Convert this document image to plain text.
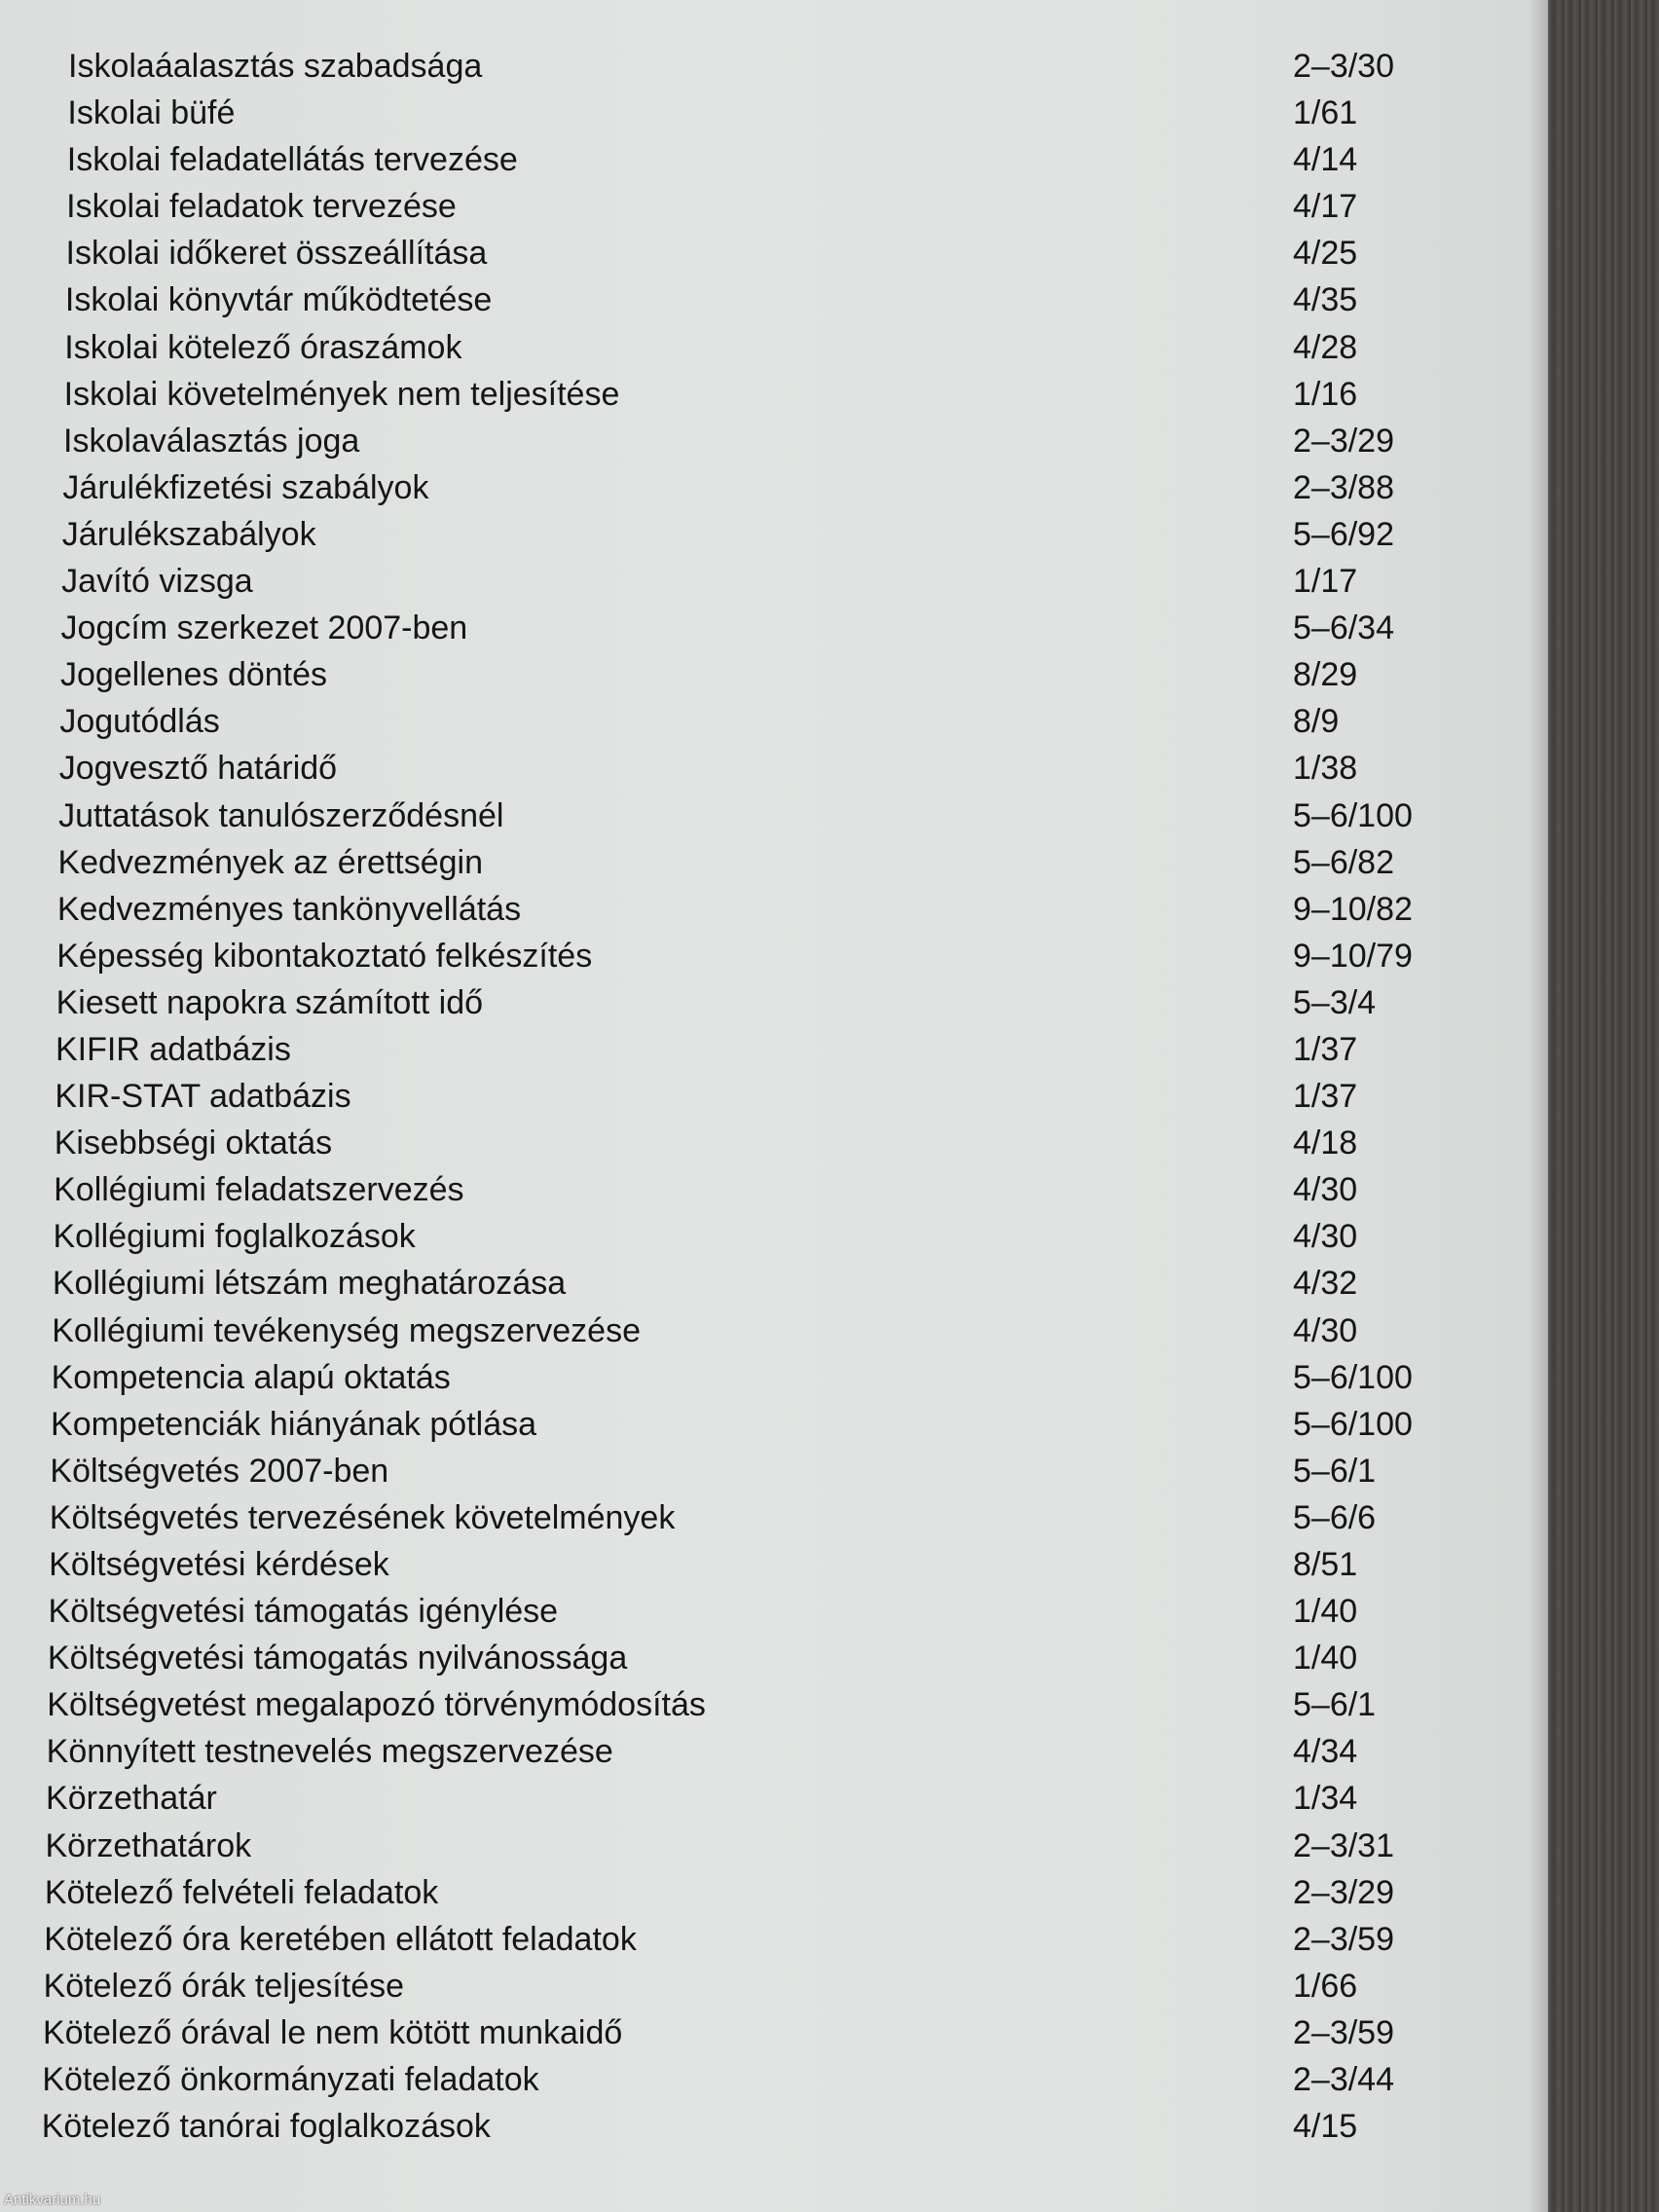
Iskolaáalasztás szabadsága	2–3/30
Iskolai büfé	1/61
Iskolai feladatellátás tervezése	4/14
Iskolai feladatok tervezése	4/17
Iskolai időkeret összeállítása	4/25
Iskolai könyvtár működtetése	4/35
Iskolai kötelező óraszámok	4/28
Iskolai követelmények nem teljesítése	1/16
Iskolaválasztás joga	2–3/29
Járulékfizetési szabályok	2–3/88
Járulékszabályok	5–6/92
Javító vizsga	1/17
Jogcím szerkezet 2007-ben	5–6/34
Jogellenes döntés	8/29
Jogutódlás	8/9
Jogvesztő határidő	1/38
Juttatások tanulószerződésnél	5–6/100
Kedvezmények az érettségin	5–6/82
Kedvezményes tankönyvellátás	9–10/82
Képesség kibontakoztató felkészítés	9–10/79
Kiesett napokra számított idő	5–3/4
KIFIR adatbázis	1/37
KIR-STAT adatbázis	1/37
Kisebbségi oktatás	4/18
Kollégiumi feladatszervezés	4/30
Kollégiumi foglalkozások	4/30
Kollégiumi létszám meghatározása	4/32
Kollégiumi tevékenység megszervezése	4/30
Kompetencia alapú oktatás	5–6/100
Kompetenciák hiányának pótlása	5–6/100
Költségvetés 2007-ben	5–6/1
Költségvetés tervezésének követelmények	5–6/6
Költségvetési kérdések	8/51
Költségvetési támogatás igénylése	1/40
Költségvetési támogatás nyilvánossága	1/40
Költségvetést megalapozó törvénymódosítás	5–6/1
Könnyített testnevelés megszervezése	4/34
Körzethatár	1/34
Körzethatárok	2–3/31
Kötelező felvételi feladatok	2–3/29
Kötelező óra keretében ellátott feladatok	2–3/59
Kötelező órák teljesítése	1/66
Kötelező órával le nem kötött munkaidő	2–3/59
Kötelező önkormányzati feladatok	2–3/44
Kötelező tanórai foglalkozások	4/15
Antikvarium.hu
